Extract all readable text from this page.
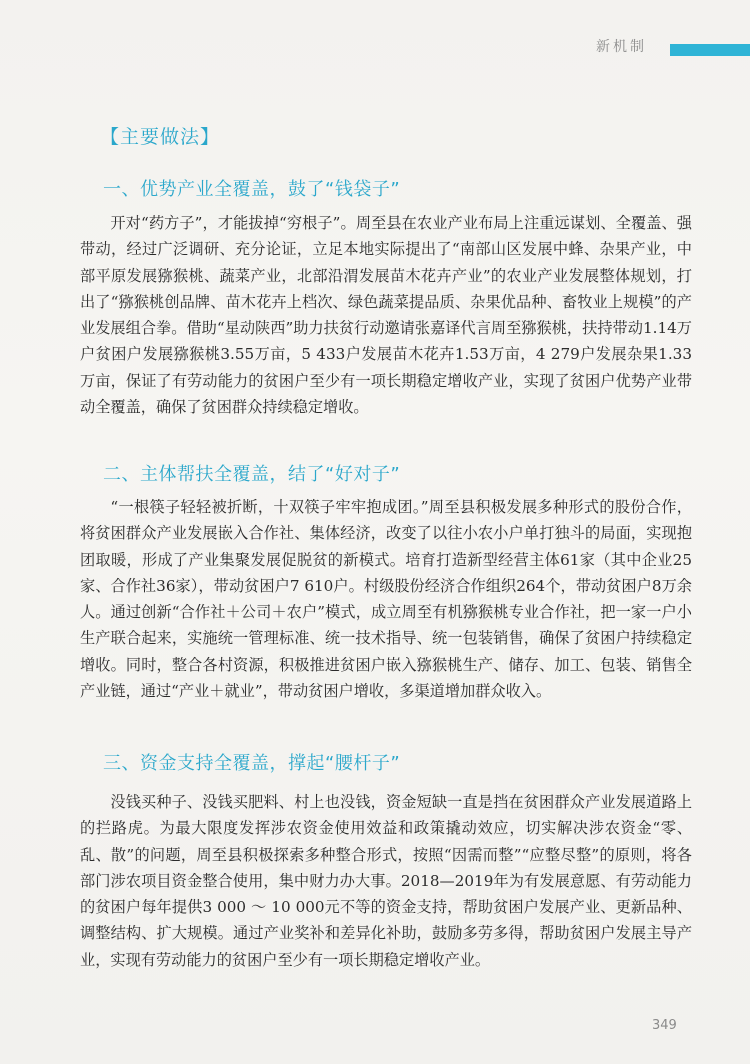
新机制
【主要做法】
一、优势产业全覆盖，鼓了“钱袋子”

开对“药方子”，才能拔掉“穷根子”。周至县在农业产业布局上注重远谋划、全覆盖、强带动，经过广泛调研、充分论证，立足本地实际提出了“南部山区发展中蜂、杂果产业，中部平原发展猕猴桃、蔬菜产业，北部沿渭发展苗木花卉产业”的农业产业发展整体规划，打出了“猕猴桃创品牌、苗木花卉上档次、绿色蔬菜提品质、杂果优品种、畜牧业上规模”的产业发展组合拳。借助“星动陕西”助力扶贫行动邀请张嘉译代言周至猕猴桃，扶持带动1.14万户贫困户发展猕猴桃3.55万亩，5 433户发展苗木花卉1.53万亩，4 279户发展杂果1.33万亩，保证了有劳动能力的贫困户至少有一项长期稳定增收产业，实现了贫困户优势产业带动全覆盖，确保了贫困群众持续稳定增收。

二、主体帮扶全覆盖，结了“好对子”

“一根筷子轻轻被折断，十双筷子牢牢抱成团。”周至县积极发展多种形式的股份合作，将贫困群众产业发展嵌入合作社、集体经济，改变了以往小农小户单打独斗的局面，实现抱团取暖，形成了产业集聚发展促脱贫的新模式。培育打造新型经营主体61家（其中企业25家、合作社36家），带动贫困户7 610户。村级股份经济合作组织264个，带动贫困户8万余人。通过创新“合作社＋公司＋农户”模式，成立周至有机猕猴桃专业合作社，把一家一户小生产联合起来，实施统一管理标准、统一技术指导、统一包装销售，确保了贫困户持续稳定增收。同时，整合各村资源，积极推进贫困户嵌入猕猴桃生产、储存、加工、包装、销售全产业链，通过“产业＋就业”，带动贫困户增收，多渠道增加群众收入。

三、资金支持全覆盖，撑起“腰杆子”

没钱买种子、没钱买肥料、村上也没钱，资金短缺一直是挡在贫困群众产业发展道路上的拦路虎。为最大限度发挥涉农资金使用效益和政策撬动效应，切实解决涉农资金“零、乱、散”的问题，周至县积极探索多种整合形式，按照“因需而整”“应整尽整”的原则，将各部门涉农项目资金整合使用，集中财力办大事。2018—2019年为有发展意愿、有劳动能力的贫困户每年提供3 000 ～ 10 000元不等的资金支持，帮助贫困户发展产业、更新品种、调整结构、扩大规模。通过产业奖补和差异化补助，鼓励多劳多得，帮助贫困户发展主导产业，实现有劳动能力的贫困户至少有一项长期稳定增收产业。

349
